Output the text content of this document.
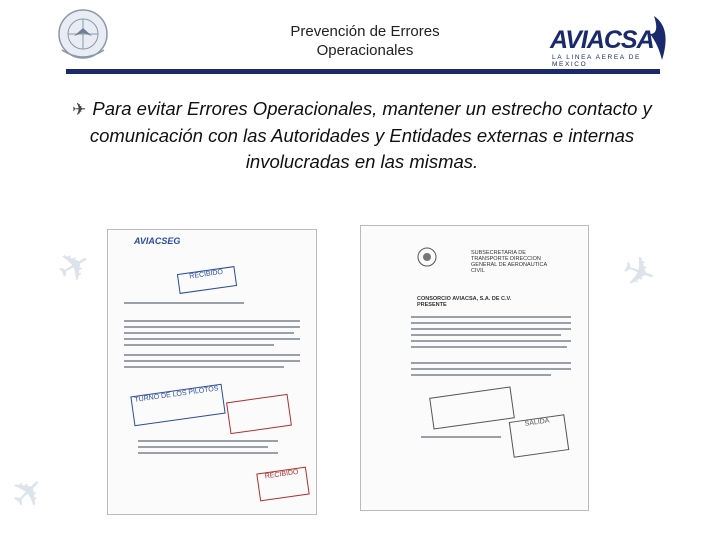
✈	✈
✈
Prevención de Errores
Operacionales	AVIACSA
LA LINEA AEREA DE MEXICO
✈ Para evitar Errores Operacionales, mantener un estrecho contacto y comunicación con las Autoridades y Entidades externas e internas involucradas en las mismas.
AVIACSEG
RECIBIDO
TURNO DE LOS PILOTOS
RECIBIDO
SUBSECRETARIA DE TRANSPORTE DIRECCION GENERAL DE AERONAUTICA CIVIL
CONSORCIO AVIACSA, S.A. DE C.V. PRESENTE
SALIDA
